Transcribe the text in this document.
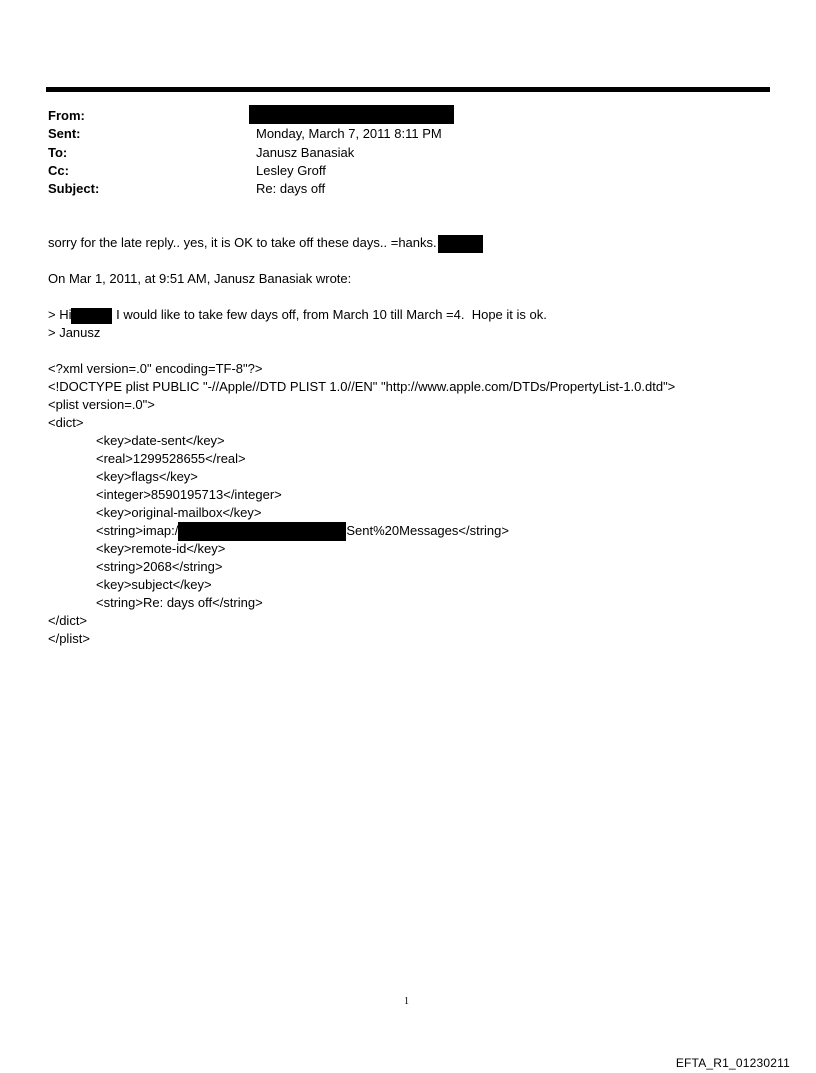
From:
Sent:	Monday, March 7, 2011 8:11 PM
To:	Janusz Banasiak
Cc:	Lesley Groff
Subject:	Re: days off
sorry for the late reply.. yes, it is OK to take off these days.. =hanks.
On Mar 1, 2011, at 9:51 AM, Janusz Banasiak wrote:
> Hi	I would like to take few days off, from March 10 till March =4.  Hope it is ok.
> Janusz
<?xml version=.0" encoding=TF-8"?>
<!DOCTYPE plist PUBLIC "-//Apple//DTD PLIST 1.0//EN" "http://www.apple.com/DTDs/PropertyList-1.0.dtd">
<plist version=.0">
<dict>
<key>date-sent</key>
<real>1299528655</real>
<key>flags</key>
<integer>8590195713</integer>
<key>original-mailbox</key>
<string>imap:/	Sent%20Messages</string>
<key>remote-id</key>
<string>2068</string>
<key>subject</key>
<string>Re: days off</string>
</dict>
</plist>
1
EFTA_R1_01230211
